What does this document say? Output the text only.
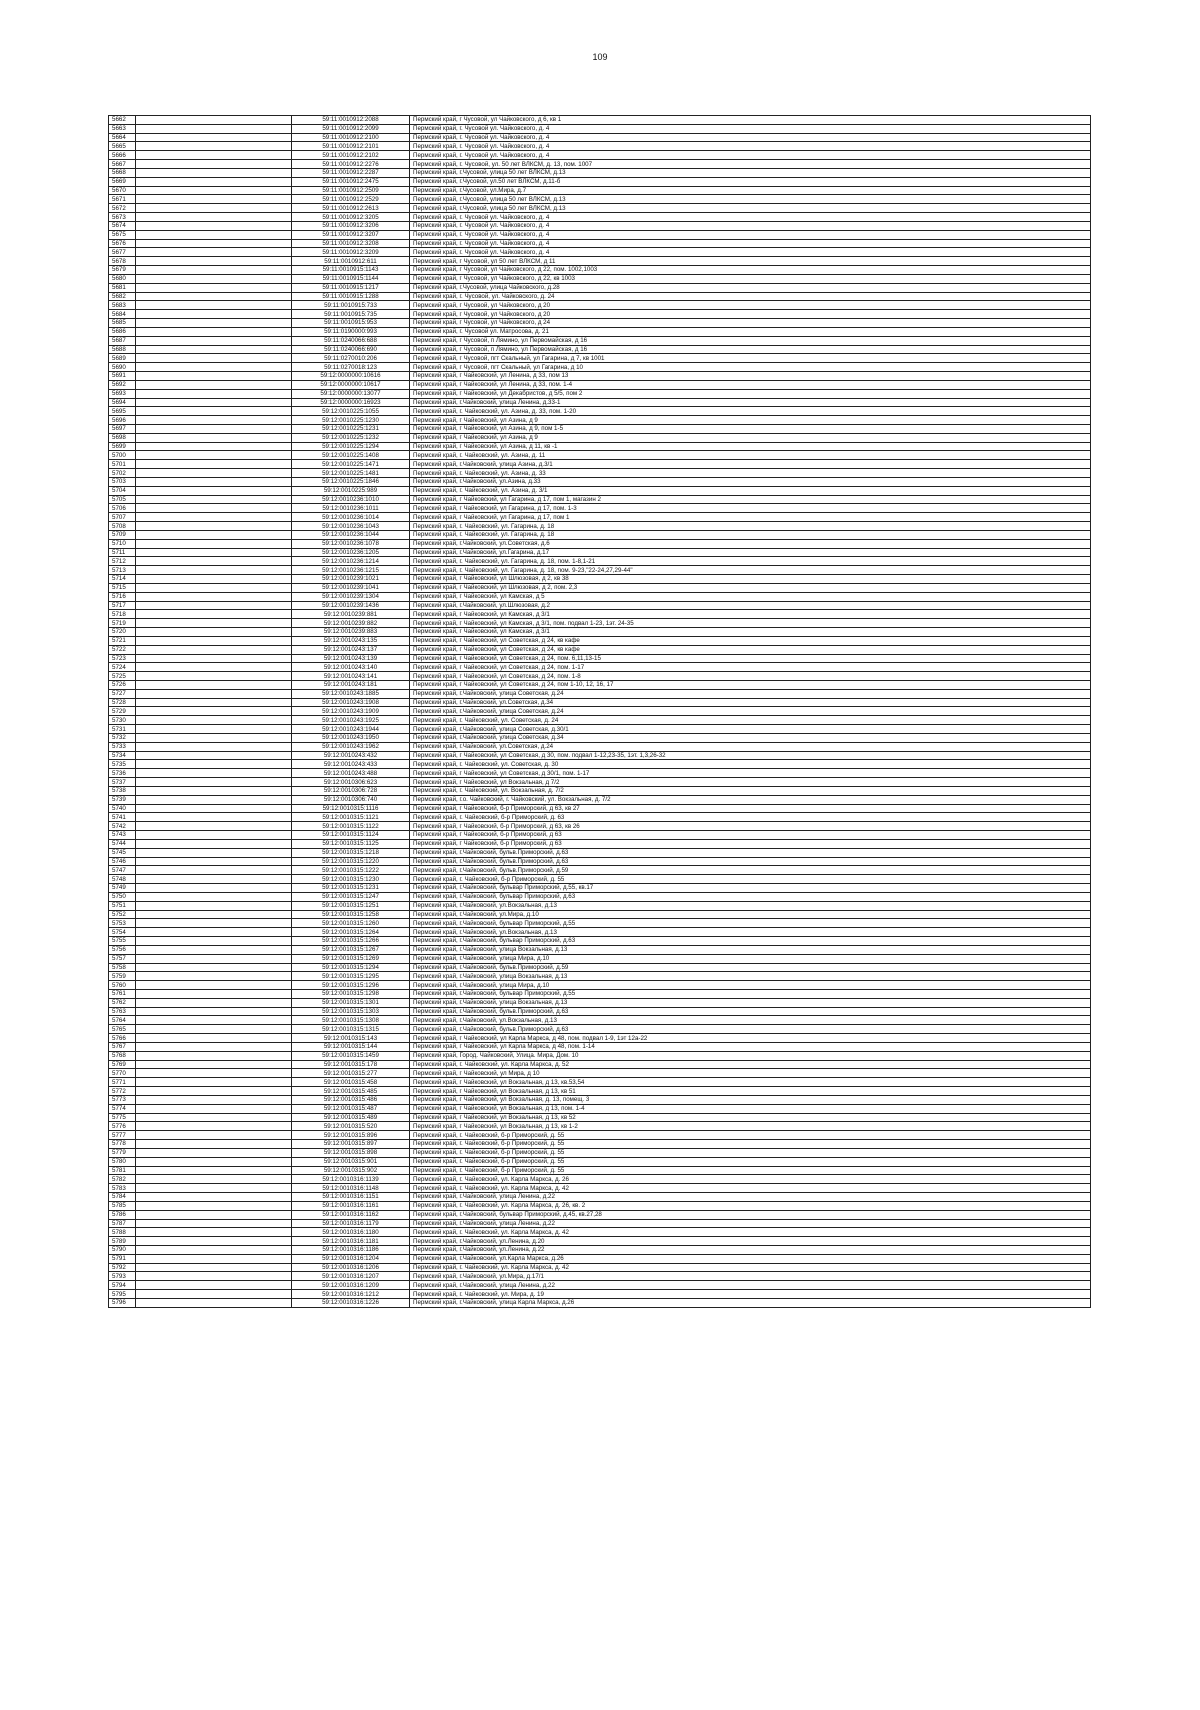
109
5662		59:11:0010912:2088	Пермский край, г Чусовой, ул Чайковского, д 6, кв 1
5663		59:11:0010912:2099	Пермский край, г. Чусовой ул. Чайковского, д. 4
5664		59:11:0010912:2100	Пермский край, г. Чусовой ул. Чайковского, д. 4
5665		59:11:0010912:2101	Пермский край, г. Чусовой ул. Чайковского, д. 4
5666		59:11:0010912:2102	Пермский край, г. Чусовой ул. Чайковского, д. 4
5667		59:11:0010912:2276	Пермский край, г. Чусовой, ул. 50 лет ВЛКСМ, д. 13, пом. 1007
5668		59:11:0010912:2287	Пермский край, г.Чусовой, улица 50 лет ВЛКСМ, д.13
5669		59:11:0010912:2475	Пермский край, г.Чусовой, ул.50 лет ВЛКСМ, д.11-б
5670		59:11:0010912:2509	Пермский край, г.Чусовой, ул.Мира, д.7
5671		59:11:0010912:2529	Пермский край, г.Чусовой, улица 50 лет ВЛКСМ, д.13
5672		59:11:0010912:2613	Пермский край, г.Чусовой, улица 50 лет ВЛКСМ, д.13
5673		59:11:0010912:3205	Пермский край, г. Чусовой ул. Чайковского, д. 4
5674		59:11:0010912:3206	Пермский край, г. Чусовой ул. Чайковского, д. 4
5675		59:11:0010912:3207	Пермский край, г. Чусовой ул. Чайковского, д. 4
5676		59:11:0010912:3208	Пермский край, г. Чусовой ул. Чайковского, д. 4
5677		59:11:0010912:3209	Пермский край, г. Чусовой ул. Чайковского, д. 4
5678		59:11:0010912:611	Пермский край, г Чусовой, ул 50 лет ВЛКСМ, д 11
5679		59:11:0010915:1143	Пермский край, г Чусовой, ул Чайковского, д 22, пом. 1002,1003
5680		59:11:0010915:1144	Пермский край, г Чусовой, ул Чайковского, д 22, кв 1003
5681		59:11:0010915:1217	Пермский край, г.Чусовой, улица Чайковского, д.28
5682		59:11:0010915:1288	Пермский край, г. Чусовой, ул. Чайковского, д. 24
5683		59:11:0010915:733	Пермский край, г Чусовой, ул Чайковского, д 20
5684		59:11:0010915:735	Пермский край, г Чусовой, ул Чайковского, д 20
5685		59:11:0010915:953	Пермский край, г Чусовой, ул Чайковского, д 24
5686		59:11:0190000:993	Пермский край, г. Чусовой ул. Матросова, д. 21
5687		59:11:0240066:688	Пермский край, г Чусовой, п Лямино, ул Первомайская, д 16
5688		59:11:0240066:690	Пермский край, г Чусовой, п Лямино, ул Первомайская, д 16
5689		59:11:0270010:206	Пермский край, г Чусовой, пгт Скальный, ул Гагарина, д 7, кв 1001
5690		59:11:0270018:123	Пермский край, г Чусовой, пгт Скальный, ул Гагарина, д 10
5691		59:12:0000000:10616	Пермский край, г Чайковский, ул Ленина, д 33, пом 13
5692		59:12:0000000:10617	Пермский край, г Чайковский, ул Ленина, д 33, пом. 1-4
5693		59:12:0000000:13077	Пермский край, г Чайковский, ул Декабристов, д 5/5, пом 2
5694		59:12:0000000:16923	Пермский край, г.Чайковский, улица Ленина, д.33-1
5695		59:12:0010225:1055	Пермский край, г. Чайковский, ул. Азина, д. 33, пом. 1-20
5696		59:12:0010225:1230	Пермский край, г Чайковский, ул Азина, д 9
5697		59:12:0010225:1231	Пермский край, г Чайковский, ул Азина, д 9, пом 1-5
5698		59:12:0010225:1232	Пермский край, г Чайковский, ул Азина, д 9
5699		59:12:0010225:1294	Пермский край, г Чайковский, ул Азина, д 11, кв -1
5700		59:12:0010225:1408	Пермский край, г. Чайковский, ул. Азина, д. 11
5701		59:12:0010225:1471	Пермский край, г.Чайковский, улица Азина, д.3/1
5702		59:12:0010225:1481	Пермский край, г. Чайковский, ул. Азина, д. 33
5703		59:12:0010225:1846	Пермский край, г.Чайковский, ул.Азина, д.33
5704		59:12:0010225:989	Пермский край, г. Чайковский, ул. Азина, д. 3/1
5705		59:12:0010236:1010	Пермский край, г Чайковский, ул Гагарина, д 17, пом 1, магазин 2
5706		59:12:0010236:1011	Пермский край, г Чайковский, ул Гагарина, д 17, пом. 1-3
5707		59:12:0010236:1014	Пермский край, г Чайковский, ул Гагарина, д 17, пом 1
5708		59:12:0010236:1043	Пермский край, г. Чайковский, ул. Гагарина, д. 18
5709		59:12:0010236:1044	Пермский край, г. Чайковский, ул. Гагарина, д. 18
5710		59:12:0010236:1078	Пермский край, г.Чайковский, ул.Советская, д.6
5711		59:12:0010236:1205	Пермский край, г.Чайковский, ул.Гагарина, д.17
5712		59:12:0010236:1214	Пермский край, г. Чайковский, ул. Гагарина, д. 18, пом. 1-8,1-21
5713		59:12:0010236:1215	Пермский край, г. Чайковский, ул. Гагарина, д. 18, пом. 9-23,"22-24,27,29-44"
5714		59:12:0010239:1021	Пермский край, г Чайковский, ул Шлюзовая, д 2, кв 38
5715		59:12:0010239:1041	Пермский край, г Чайковский, ул Шлюзовая, д 2, пом. 2,3
5716		59:12:0010239:1304	Пермский край, г Чайковский, ул Камская, д 5
5717		59:12:0010239:1436	Пермский край, г.Чайковский, ул.Шлюзовая, д.2
5718		59:12:0010239:881	Пермский край, г Чайковский, ул Камская, д 3/1
5719		59:12:0010239:882	Пермский край, г Чайковский, ул Камская, д 3/1, пом. подвал 1-23, 1эт. 24-35
5720		59:12:0010239:883	Пермский край, г Чайковский, ул Камская, д 3/1
5721		59:12:0010243:135	Пермский край, г Чайковский, ул Советская, д 24, кв кафе
5722		59:12:0010243:137	Пермский край, г Чайковский, ул Советская, д 24, кв кафе
5723		59:12:0010243:139	Пермский край, г Чайковский, ул Советская, д 24, пом. 6,11,13-15
5724		59:12:0010243:140	Пермский край, г Чайковский, ул Советская, д 24, пом. 1-17
5725		59:12:0010243:141	Пермский край, г Чайковский, ул Советская, д 24, пом. 1-8
5726		59:12:0010243:181	Пермский край, г Чайковский, ул Советская, д 24, пом 1-10, 12, 16, 17
5727		59:12:0010243:1885	Пермский край, г.Чайковский, улица Советская, д.24
5728		59:12:0010243:1908	Пермский край, г.Чайковский, ул.Советская, д.34
5729		59:12:0010243:1909	Пермский край, г.Чайковский, улица Советская, д.24
5730		59:12:0010243:1925	Пермский край, г. Чайковский, ул. Советская, д. 24
5731		59:12:0010243:1944	Пермский край, г.Чайковский, улица Советская, д.30/1
5732		59:12:0010243:1950	Пермский край, г.Чайковский, улица Советская, д.34
5733		59:12:0010243:1962	Пермский край, г.Чайковский, ул.Советская, д.24
5734		59:12:0010243:432	Пермский край, г Чайковский, ул Советская, д 30, пом. подвал 1-12,23-35, 1эт. 1,3,26-32
5735		59:12:0010243:433	Пермский край, г. Чайковский, ул. Советская, д. 30
5736		59:12:0010243:488	Пермский край, г Чайковский, ул Советская, д 30/1, пом. 1-17
5737		59:12:0010306:623	Пермский край, г Чайковский, ул Вокзальная, д 7/2
5738		59:12:0010306:728	Пермский край, г. Чайковский, ул. Вокзальная, д. 7/2
5739		59:12:0010306:740	Пермский край, г.о. Чайковский, г. Чайковский, ул. Вокзальная, д. 7/2
5740		59:12:0010315:1116	Пермский край, г Чайковский, б-р Приморский, д 63, кв 27
5741		59:12:0010315:1121	Пермский край, г. Чайковский, б-р Приморский, д. 63
5742		59:12:0010315:1122	Пермский край, г Чайковский, б-р Приморский, д 63, кв 26
5743		59:12:0010315:1124	Пермский край, г Чайковский, б-р Приморский, д 63
5744		59:12:0010315:1125	Пермский край, г Чайковский, б-р Приморский, д 63
5745		59:12:0010315:1218	Пермский край, г.Чайковский, бульв.Приморский, д.63
5746		59:12:0010315:1220	Пермский край, г.Чайковский, бульв.Приморский, д.63
5747		59:12:0010315:1222	Пермский край, г.Чайковский, бульв.Приморский, д.59
5748		59:12:0010315:1230	Пермский край, г. Чайковский, б-р Приморский, д. 55
5749		59:12:0010315:1231	Пермский край, г.Чайковский, бульвар Приморский, д.55, кв.17
5750		59:12:0010315:1247	Пермский край, г.Чайковский, бульвар Приморский, д.63
5751		59:12:0010315:1251	Пермский край, г.Чайковский, ул.Вокзальная, д.13
5752		59:12:0010315:1258	Пермский край, г.Чайковский, ул.Мира, д.10
5753		59:12:0010315:1260	Пермский край, г.Чайковский, бульвар Приморский, д.55
5754		59:12:0010315:1264	Пермский край, г.Чайковский, ул.Вокзальная, д.13
5755		59:12:0010315:1266	Пермский край, г.Чайковский, бульвар Приморский, д.63
5756		59:12:0010315:1267	Пермский край, г.Чайковский, улица Вокзальная, д.13
5757		59:12:0010315:1269	Пермский край, г.Чайковский, улица Мира, д.10
5758		59:12:0010315:1294	Пермский край, г.Чайковский, бульв.Приморский, д.59
5759		59:12:0010315:1295	Пермский край, г.Чайковский, улица Вокзальная, д.13
5760		59:12:0010315:1296	Пермский край, г.Чайковский, улица Мира, д.10
5761		59:12:0010315:1298	Пермский край, г.Чайковский, бульвар Приморский, д.55
5762		59:12:0010315:1301	Пермский край, г.Чайковский, улица Вокзальная, д.13
5763		59:12:0010315:1303	Пермский край, г.Чайковский, бульв.Приморский, д.63
5764		59:12:0010315:1308	Пермский край, г.Чайковский, ул.Вокзальная, д.13
5765		59:12:0010315:1315	Пермский край, г.Чайковский, бульв.Приморский, д.63
5766		59:12:0010315:143	Пермский край, г Чайковский, ул Карла Маркса, д 48, пом. подвал 1-9, 1эт 12а-22
5767		59:12:0010315:144	Пермский край, г Чайковский, ул Карла Маркса, д 48, пом. 1-14
5768		59:12:0010315:1459	Пермский край, Город. Чайковский, Улица. Мира, Дом. 10
5769		59:12:0010315:178	Пермский край, г. Чайковский, ул. Карла Маркса, д. 52
5770		59:12:0010315:277	Пермский край, г Чайковский, ул Мира, д 10
5771		59:12:0010315:458	Пермский край, г Чайковский, ул Вокзальная, д 13, кв.53,54
5772		59:12:0010315:485	Пермский край, г Чайковский, ул Вокзальная, д 13, кв 51
5773		59:12:0010315:486	Пермский край, г Чайковский, ул Вокзальная, д. 13, помещ. 3
5774		59:12:0010315:487	Пермский край, г Чайковский, ул Вокзальная, д 13, пом. 1-4
5775		59:12:0010315:489	Пермский край, г Чайковский, ул Вокзальная, д 13, кв 52
5776		59:12:0010315:520	Пермский край, г Чайковский, ул Вокзальная, д 13, кв 1-2
5777		59:12:0010315:896	Пермский край, г. Чайковский, б-р Приморский, д. 55
5778		59:12:0010315:897	Пермский край, г. Чайковский, б-р Приморский, д. 55
5779		59:12:0010315:898	Пермский край, г. Чайковский, б-р Приморский, д. 55
5780		59:12:0010315:901	Пермский край, г. Чайковский, б-р Приморский, д. 55
5781		59:12:0010315:902	Пермский край, г. Чайковский, б-р Приморский, д. 55
5782		59:12:0010316:1139	Пермский край, г. Чайковский, ул. Карла Маркса, д. 26
5783		59:12:0010316:1148	Пермский край, г. Чайковский, ул. Карла Маркса, д. 42
5784		59:12:0010316:1151	Пермский край, г.Чайковский, улица Ленина, д.22
5785		59:12:0010316:1161	Пермский край, г. Чайковский, ул. Карла Маркса, д. 26, кв. 2
5786		59:12:0010316:1162	Пермский край, г.Чайковский, бульвар Приморский, д.45, кв.27,28
5787		59:12:0010316:1179	Пермский край, г.Чайковский, улица Ленина, д.22
5788		59:12:0010316:1180	Пермский край, г. Чайковский, ул. Карла Маркса, д. 42
5789		59:12:0010316:1181	Пермский край, г.Чайковский, ул.Ленина, д.20
5790		59:12:0010316:1186	Пермский край, г.Чайковский, ул.Ленина, д.22
5791		59:12:0010316:1204	Пермский край, г.Чайковский, ул.Карла Маркса, д.26
5792		59:12:0010316:1206	Пермский край, г. Чайковский, ул. Карла Маркса, д. 42
5793		59:12:0010316:1207	Пермский край, г.Чайковский, ул.Мира, д.17/1
5794		59:12:0010316:1209	Пермский край, г.Чайковский, улица Ленина, д.22
5795		59:12:0010316:1212	Пермский край, г. Чайковский, ул. Мира, д. 19
5796		59:12:0010316:1226	Пермский край, г.Чайковский, улица Карла Маркса, д.26
